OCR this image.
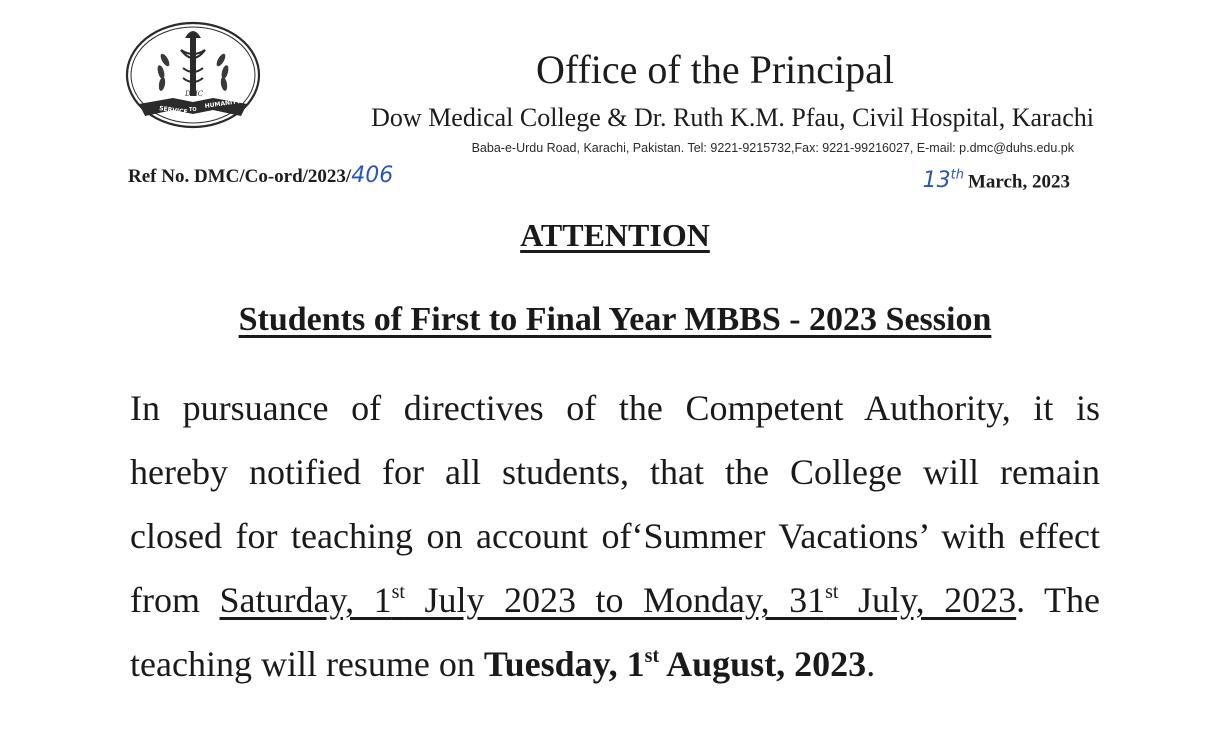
SERVICE TO
HUMANITY
DMC
Office of the Principal
Dow Medical College & Dr. Ruth K.M. Pfau, Civil Hospital, Karachi
Baba-e-Urdu Road, Karachi, Pakistan. Tel: 9221-9215732,Fax: 9221-99216027, E-mail: p.dmc@duhs.edu.pk
Ref No. DMC/Co-ord/2023/406	13th March, 2023
ATTENTION
Students of First to Final Year MBBS - 2023 Session
In pursuance of directives of the Competent Authority, it is
hereby notified for all students, that the College will remain
closed for teaching on account of‘Summer Vacations’ with effect
from Saturday, 1st July 2023 to Monday, 31st July, 2023. The
teaching will resume on Tuesday, 1st August, 2023.
